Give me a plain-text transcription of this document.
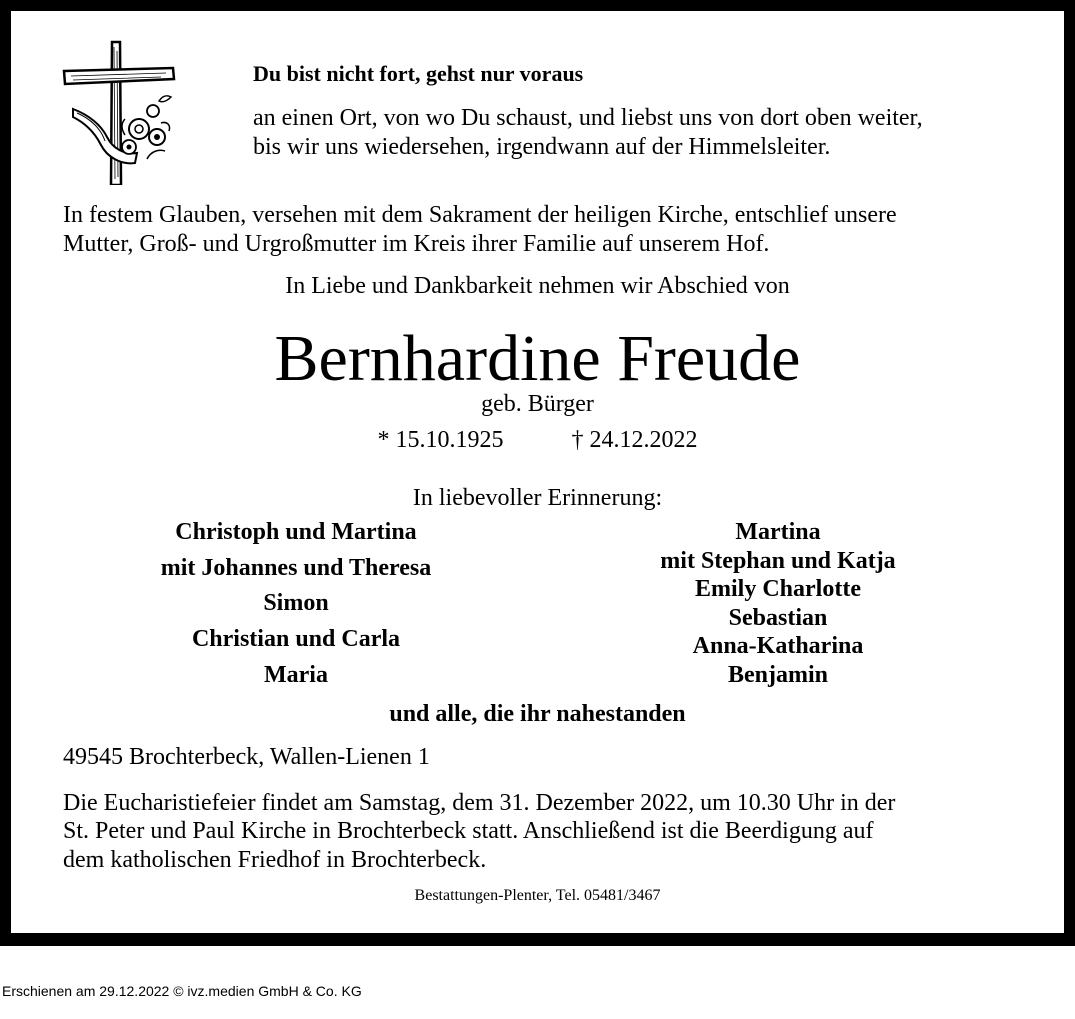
Du bist nicht fort, gehst nur voraus
an einen Ort, von wo Du schaust, und liebst uns von dort oben weiter,
bis wir uns wiedersehen, irgendwann auf der Himmelsleiter.
In festem Glauben, versehen mit dem Sakrament der heiligen Kirche, entschlief unsere
Mutter, Groß- und Urgroßmutter im Kreis ihrer Familie auf unserem Hof.
In Liebe und Dankbarkeit nehmen wir Abschied von
Bernhardine Freude
geb. Bürger
* 15.10.1925	† 24.12.2022
In liebevoller Erinnerung:
Christoph und Martina
mit Johannes und Theresa
Simon
Christian und Carla
Maria
Martina
mit Stephan und Katja
Emily Charlotte
Sebastian
Anna-Katharina
Benjamin
und alle, die ihr nahestanden
49545 Brochterbeck, Wallen-Lienen 1
Die Eucharistiefeier findet am Samstag, dem 31. Dezember 2022, um 10.30 Uhr in der
St. Peter und Paul Kirche in Brochterbeck statt. Anschließend ist die Beerdigung auf
dem katholischen Friedhof in Brochterbeck.
Bestattungen-Plenter, Tel. 05481/3467
Erschienen am 29.12.2022 © ivz.medien GmbH & Co. KG
